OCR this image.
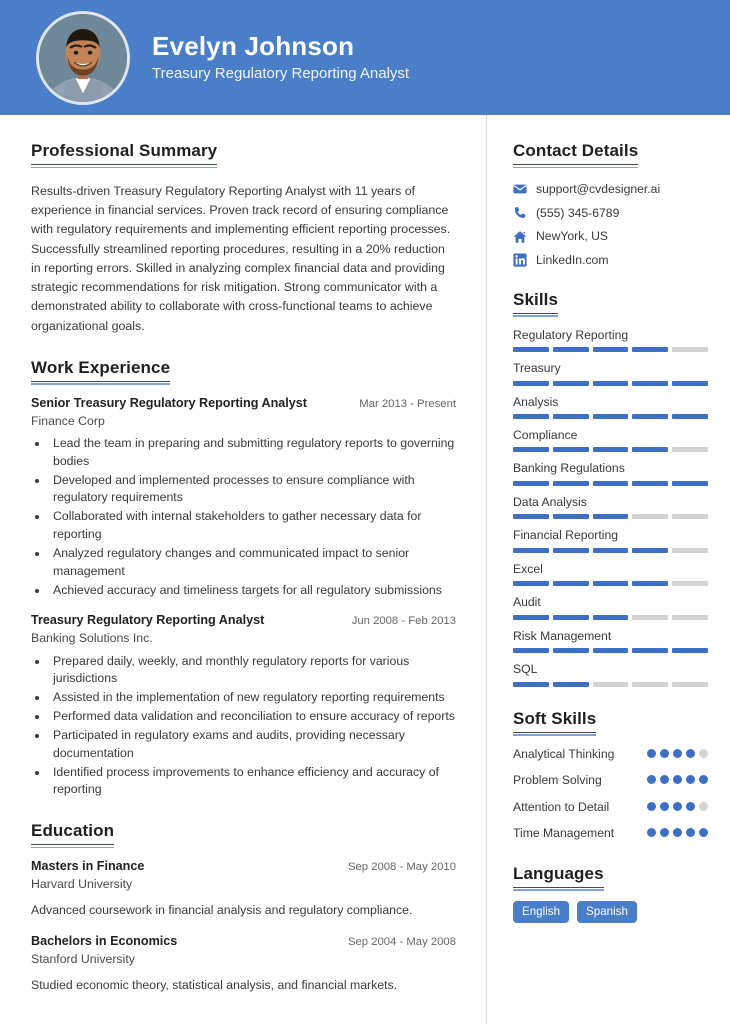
Evelyn Johnson
Treasury Regulatory Reporting Analyst
Professional Summary
Results-driven Treasury Regulatory Reporting Analyst with 11 years of experience in financial services. Proven track record of ensuring compliance with regulatory requirements and implementing efficient reporting processes. Successfully streamlined reporting procedures, resulting in a 20% reduction in reporting errors. Skilled in analyzing complex financial data and providing strategic recommendations for risk mitigation. Strong communicator with a demonstrated ability to collaborate with cross-functional teams to achieve organizational goals.
Work Experience
Senior Treasury Regulatory Reporting Analyst	Mar 2013 - Present
Finance Corp
• Lead the team in preparing and submitting regulatory reports to governing bodies
• Developed and implemented processes to ensure compliance with regulatory requirements
• Collaborated with internal stakeholders to gather necessary data for reporting
• Analyzed regulatory changes and communicated impact to senior management
• Achieved accuracy and timeliness targets for all regulatory submissions
Treasury Regulatory Reporting Analyst	Jun 2008 - Feb 2013
Banking Solutions Inc.
• Prepared daily, weekly, and monthly regulatory reports for various jurisdictions
• Assisted in the implementation of new regulatory reporting requirements
• Performed data validation and reconciliation to ensure accuracy of reports
• Participated in regulatory exams and audits, providing necessary documentation
• Identified process improvements to enhance efficiency and accuracy of reporting
Education
Masters in Finance	Sep 2008 - May 2010
Harvard University
Advanced coursework in financial analysis and regulatory compliance.
Bachelors in Economics	Sep 2004 - May 2008
Stanford University
Studied economic theory, statistical analysis, and financial markets.
Contact Details
support@cvdesigner.ai
(555) 345-6789
NewYork, US
LinkedIn.com
Skills
Regulatory Reporting
Treasury
Analysis
Compliance
Banking Regulations
Data Analysis
Financial Reporting
Excel
Audit
Risk Management
SQL
Soft Skills
Analytical Thinking
Problem Solving
Attention to Detail
Time Management
Languages
English	Spanish
